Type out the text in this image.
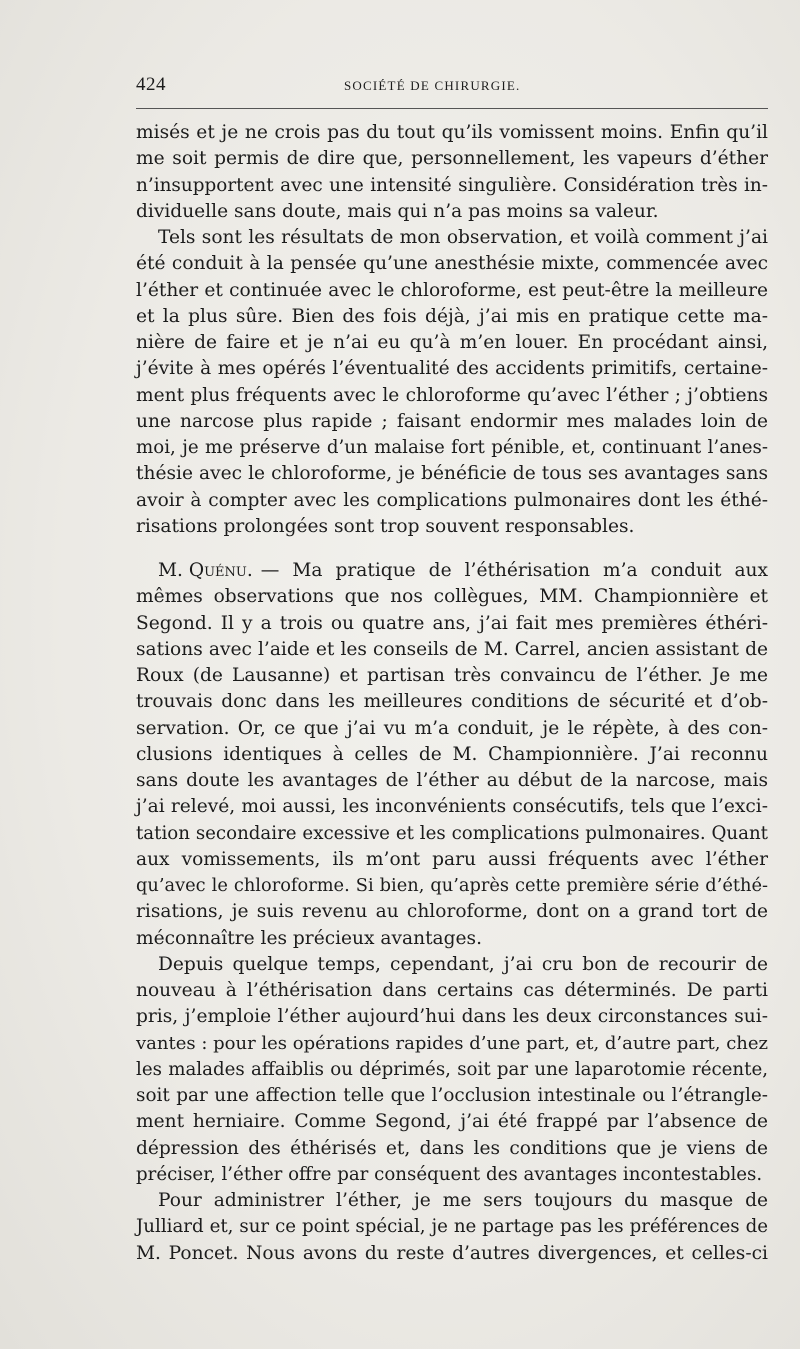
424	SOCIÉTÉ DE CHIRURGIE.
misés et je ne crois pas du tout qu’ils vomissent moins. Enfin qu’il
me soit permis de dire que, personnellement, les vapeurs d’éther
n’insupportent avec une intensité singulière. Considération très in-
dividuelle sans doute, mais qui n’a pas moins sa valeur.
Tels sont les résultats de mon observation, et voilà comment j’ai
été conduit à la pensée qu’une anesthésie mixte, commencée avec
l’éther et continuée avec le chloroforme, est peut-être la meilleure
et la plus sûre. Bien des fois déjà, j’ai mis en pratique cette ma-
nière de faire et je n’ai eu qu’à m’en louer. En procédant ainsi,
j’évite à mes opérés l’éventualité des accidents primitifs, certaine-
ment plus fréquents avec le chloroforme qu’avec l’éther ; j’obtiens
une narcose plus rapide ; faisant endormir mes malades loin de
moi, je me préserve d’un malaise fort pénible, et, continuant l’anes-
thésie avec le chloroforme, je bénéficie de tous ses avantages sans
avoir à compter avec les complications pulmonaires dont les éthé-
risations prolongées sont trop souvent responsables.
M. Quénu. — Ma pratique de l’éthérisation m’a conduit aux
mêmes observations que nos collègues, MM. Championnière et
Segond. Il y a trois ou quatre ans, j’ai fait mes premières éthéri-
sations avec l’aide et les conseils de M. Carrel, ancien assistant de
Roux (de Lausanne) et partisan très convaincu de l’éther. Je me
trouvais donc dans les meilleures conditions de sécurité et d’ob-
servation. Or, ce que j’ai vu m’a conduit, je le répète, à des con-
clusions identiques à celles de M. Championnière. J’ai reconnu
sans doute les avantages de l’éther au début de la narcose, mais
j’ai relevé, moi aussi, les inconvénients consécutifs, tels que l’exci-
tation secondaire excessive et les complications pulmonaires. Quant
aux vomissements, ils m’ont paru aussi fréquents avec l’éther
qu’avec le chloroforme. Si bien, qu’après cette première série d’éthé-
risations, je suis revenu au chloroforme, dont on a grand tort de
méconnaître les précieux avantages.
Depuis quelque temps, cependant, j’ai cru bon de recourir de
nouveau à l’éthérisation dans certains cas déterminés. De parti
pris, j’emploie l’éther aujourd’hui dans les deux circonstances sui-
vantes : pour les opérations rapides d’une part, et, d’autre part, chez
les malades affaiblis ou déprimés, soit par une laparotomie récente,
soit par une affection telle que l’occlusion intestinale ou l’étrangle-
ment herniaire. Comme Segond, j’ai été frappé par l’absence de
dépression des éthérisés et, dans les conditions que je viens de
préciser, l’éther offre par conséquent des avantages incontestables.
Pour administrer l’éther, je me sers toujours du masque de
Julliard et, sur ce point spécial, je ne partage pas les préférences de
M. Poncet. Nous avons du reste d’autres divergences, et celles-ci
